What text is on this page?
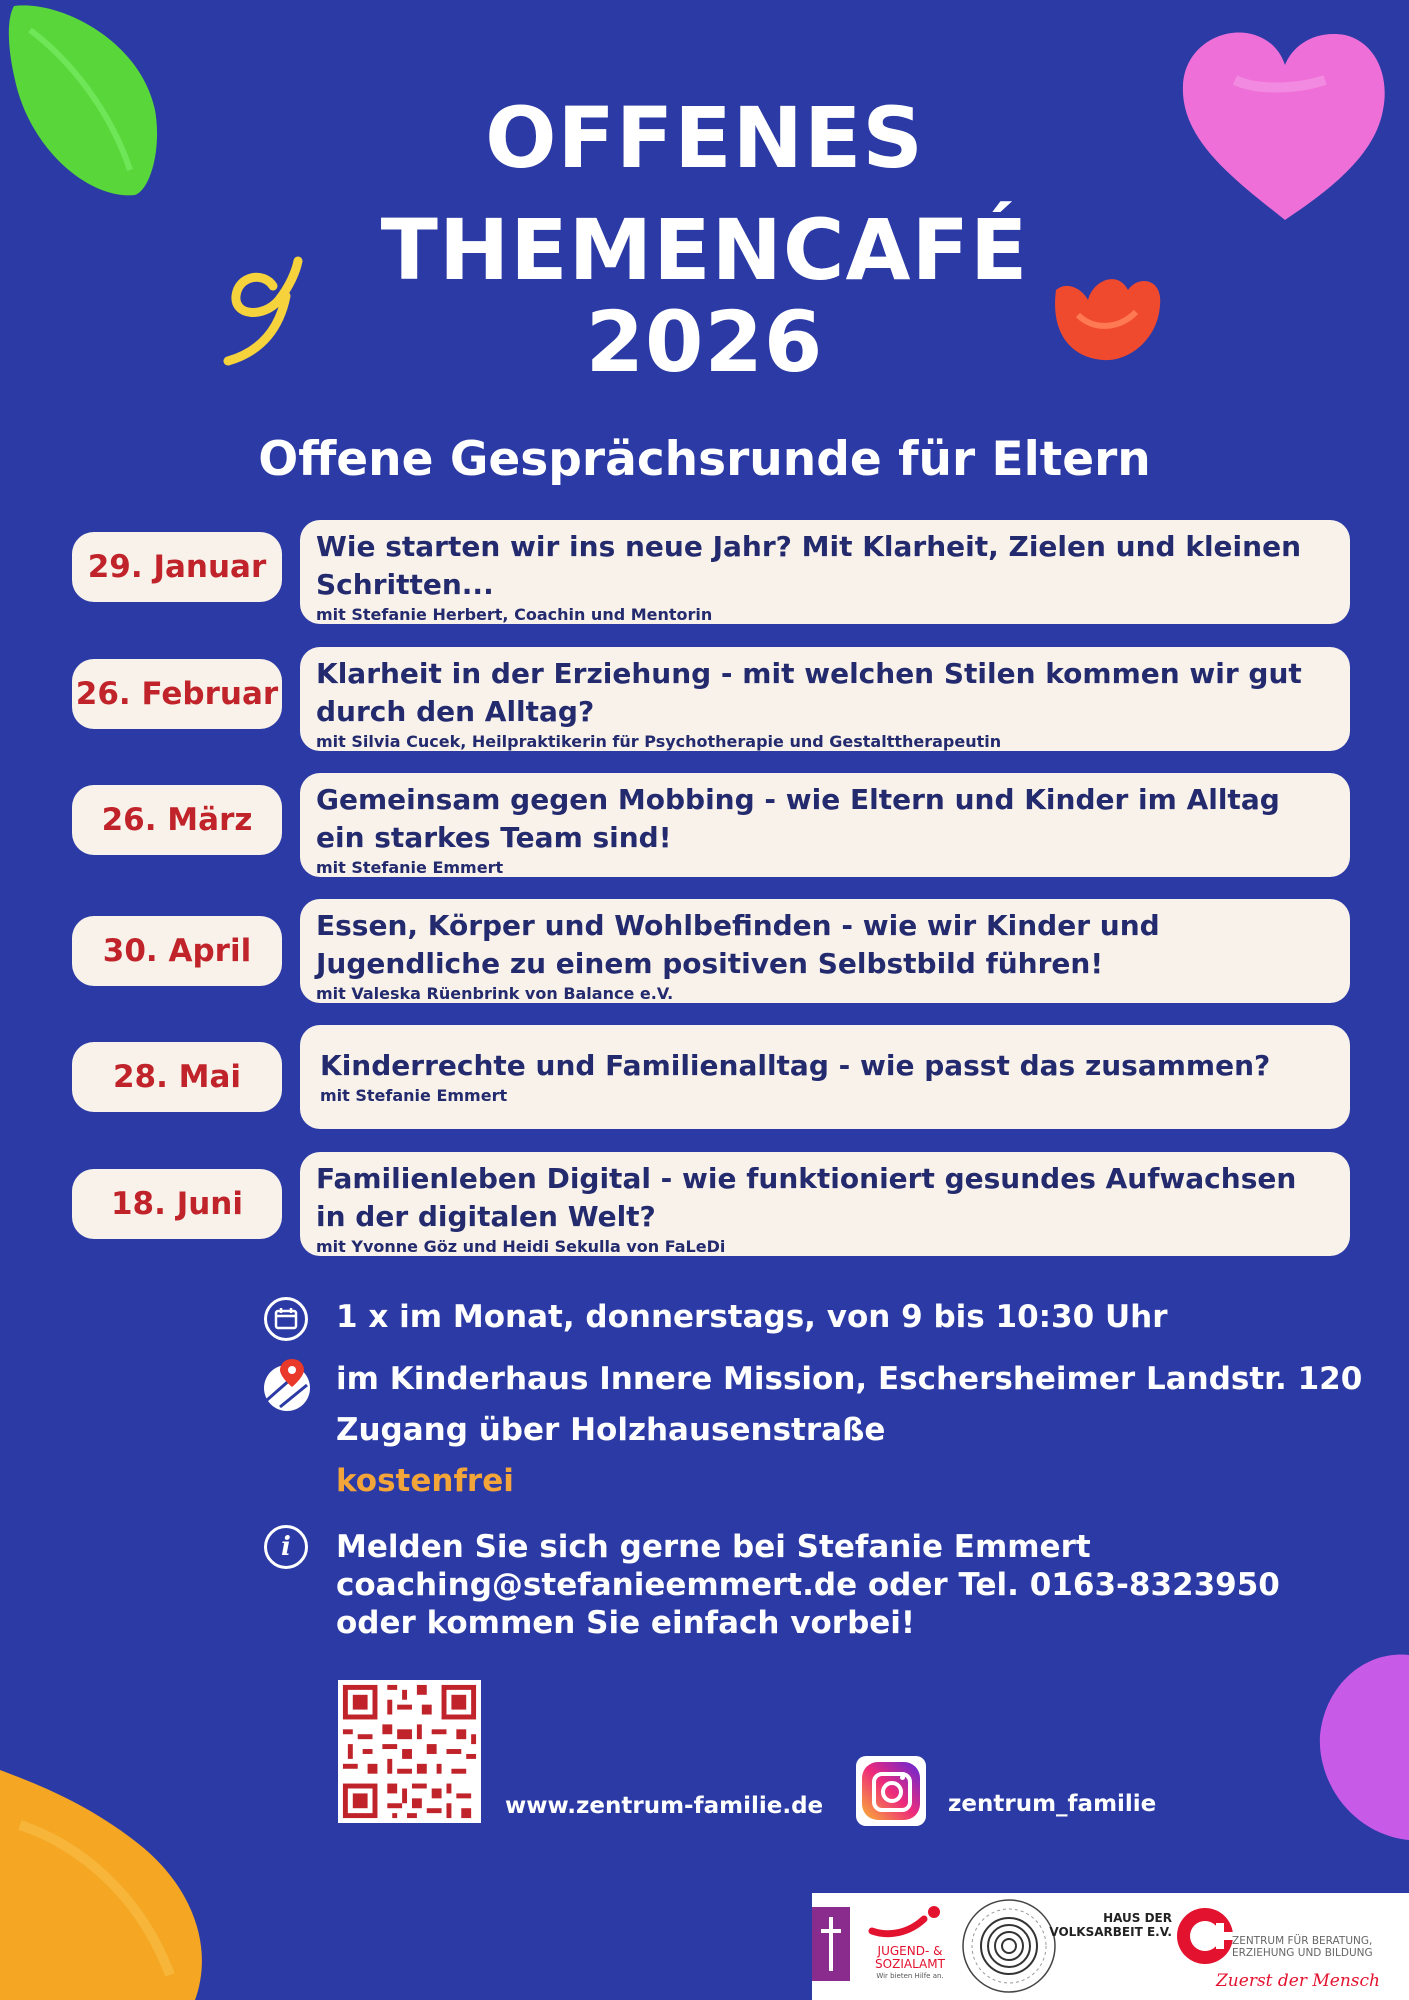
OFFENES
THEMENCAFÉ
2026
Offene Gesprächsrunde für Eltern
29. Januar
Wie starten wir ins neue Jahr? Mit Klarheit, Zielen und kleinen Schritten...
mit Stefanie Herbert, Coachin und Mentorin
26. Februar
Klarheit in der Erziehung - mit welchen Stilen kommen wir gut durch den Alltag?
mit Silvia Cucek, Heilpraktikerin für Psychotherapie und Gestalttherapeutin
26. März
Gemeinsam gegen Mobbing - wie Eltern und Kinder im Alltag ein starkes Team sind!
mit Stefanie Emmert
30. April
Essen, Körper und Wohlbefinden - wie wir Kinder und Jugendliche zu einem positiven Selbstbild führen!
mit Valeska Rüenbrink von Balance e.V.
28. Mai	Kinderrechte und Familienalltag - wie passt das zusammen?
mit Stefanie Emmert
18. Juni
Familienleben Digital - wie funktioniert gesundes Aufwachsen in der digitalen Welt?
mit Yvonne Göz und Heidi Sekulla von FaLeDi
1 x im Monat, donnerstags, von 9 bis 10:30 Uhr
im Kinderhaus Innere Mission, Eschersheimer Landstr. 120
Zugang über Holzhausenstraße
kostenfrei
i	Melden Sie sich gerne bei Stefanie Emmert
coaching@stefanieemmert.de oder Tel. 0163-8323950
oder kommen Sie einfach vorbei!
www.zentrum-familie.de	zentrum_familie
JUGEND- &
SOZIALAMT
Wir bieten Hilfe an.
HAUS DER
VOLKSARBEIT E.V.
ZENTRUM FÜR BERATUNG,
ERZIEHUNG UND BILDUNG
Zuerst der Mensch
